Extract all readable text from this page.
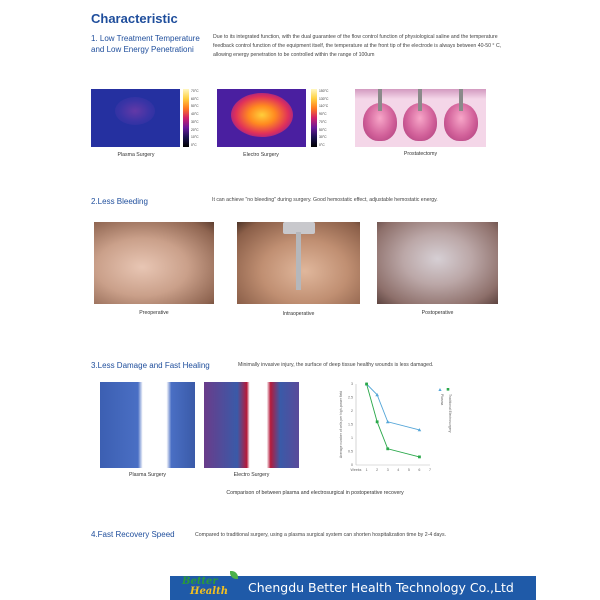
Characteristic
1. Low Treatment Temperature and Low Energy Penetrationi
Due to its integrated function, with the dual guarantee of the flow control function of physiological saline and the temperature feedback control function of the equipment itself, the temperature at the front tip of the electrode is always between 40-50 ° C, allowing energy penetration to be controlled within the range of 100um
70°C
60°C
50°C
40°C
30°C
20°C
10°C
0°C
150°C
130°C
110°C
90°C
70°C
50°C
30°C
0°C
Plasma Surgery	Electro Surgery	Prostatectomy
2.Less Bleeding	It can achieve "no bleeding" during surgery. Good hemostatic effect, adjustable hemostatic energy.
Preoperative	Intraoperative	Postoperative
3.Less Damage and Fast Healing	Minimally invasive injury, the surface of deep tissue healthy wounds is less damaged.
Plasma Surgery	Electro Surgery
0
0.5
1
1.5
2
2.5
3
Weeks 1 2 3 4 5 6 7
Average number of cells per high-power field	Plasma Traditional Electrosurgery
Comparison of between plasma and electrosurgical in postoperative recovery
4.Fast Recovery Speed	Compared to traditional surgery, using a plasma surgical system can shorten hospitalization time by 2-4 days.
Better
Health Chengdu Better Health Technology Co.,Ltd
